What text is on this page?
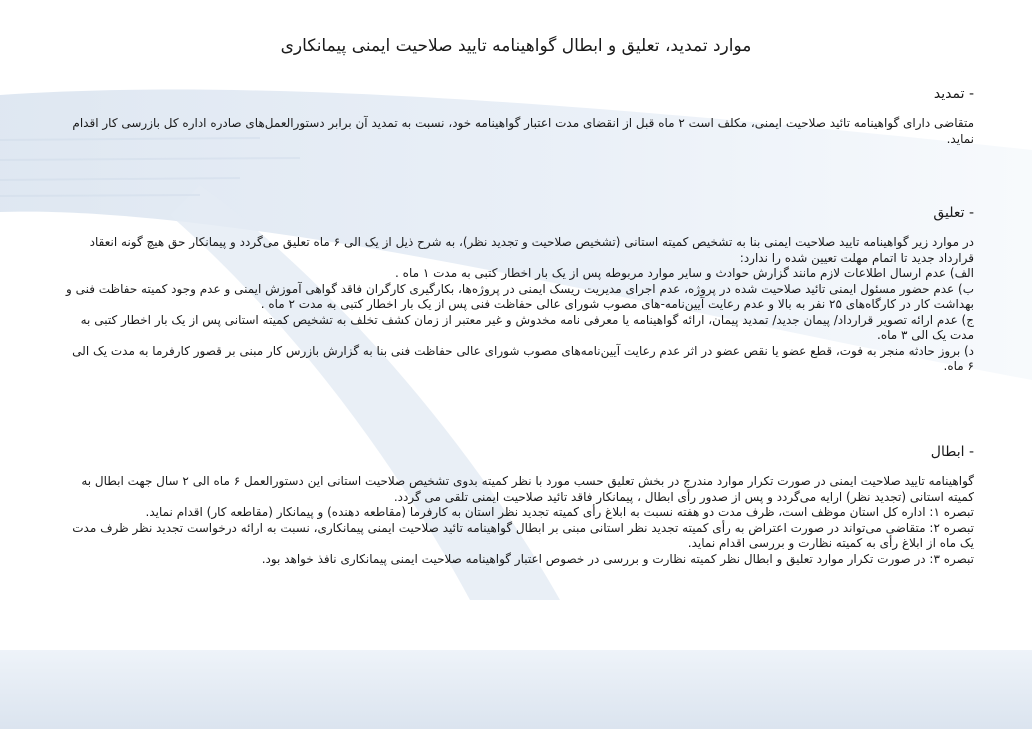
موارد تمدید، تعلیق و ابطال گواهینامه تایید صلاحیت ایمنی پیمانکاری
- تمدید

متقاضی دارای گواهینامه تائید صلاحیت ایمنی، مکلف است ۲ ماه قبل از انقضای مدت اعتبار گواهینامه خود، نسبت به تمدید آن برابر دستورالعمل‌های صادره اداره کل بازرسی کار اقدام نماید.

- تعلیق

در موارد زیر گواهینامه تایید صلاحیت ایمنی بنا به تشخیص کمیته استانی (تشخیص صلاحیت و تجدید نظر)، به شرح ذیل از یک الی ۶ ماه تعلیق می‌گردد و پیمانکار حق هیچ گونه انعقاد قرارداد جدید تا اتمام مهلت تعیین شده را ندارد:

الف) عدم ارسال اطلاعات لازم مانند گزارش حوادث و سایر موارد مربوطه پس از یک بار اخطار کتبی به مدت ۱ ماه .

ب) عدم حضور مسئول ایمنی تائید صلاحیت شده در پروژه، عدم اجرای مدیریت ریسک ایمنی در پروژه‌ها، بکارگیری کارگران فاقد گواهی آموزش ایمنی و عدم وجود کمیته حفاظت فنی و بهداشت کار در کارگاه‌های ۲۵ نفر به بالا و عدم رعایت آیین‌نامه‌-های مصوب شورای عالی حفاظت فنی پس از یک بار اخطار کتبی به مدت ۲ ماه .

ج) عدم ارائه تصویر قرارداد/ پیمان جدید/ تمدید پیمان، ارائه گواهینامه یا معرفی نامه مخدوش و غیر معتبر از زمان کشف تخلف به تشخیص کمیته استانی پس از یک بار اخطار کتبی به مدت یک الی ۳ ماه.

د) بروز حادثه منجر به فوت، قطع عضو یا نقص عضو در اثر عدم رعایت آیین‌نامه‌های مصوب شورای عالی حفاظت فنی بنا به گزارش بازرس کار مبنی بر قصور کارفرما به مدت یک الی ۶ ماه.

- ابطال

گواهینامه تایید صلاحیت ایمنی در صورت تکرار موارد مندرج در بخش تعلیق حسب مورد با نظر کمیته بدوی تشخیص صلاحیت استانی این دستورالعمل ۶ ماه الی ۲ سال جهت ابطال به کمیته استانی (تجدید نظر) ارایه می‌گردد و پس از صدور رأی ابطال ، پیمانکار فاقد تائید صلاحیت ایمنی تلقی می گردد.

تبصره ۱: اداره کل استان موظف است، ظرف مدت دو هفته نسبت به ابلاغ رأی کمیته تجدید نظر استان به کارفرما (مقاطعه دهنده) و پیمانکار (مقاطعه کار) اقدام نماید.

تبصره ۲: متقاضی می‌تواند در صورت اعتراض به رأی کمیته تجدید نظر استانی مبنی بر ابطال گواهینامه تائید صلاحیت ایمنی پیمانکاری، نسبت به ارائه درخواست تجدید نظر ظرف مدت یک ماه از ابلاغ رأی به کمیته نظارت و بررسی اقدام نماید.

تبصره ۳: در صورت تکرار موارد تعلیق و ابطال نظر کمیته نظارت و بررسی در خصوص اعتبار گواهینامه صلاحیت ایمنی پیمانکاری نافذ خواهد بود.
